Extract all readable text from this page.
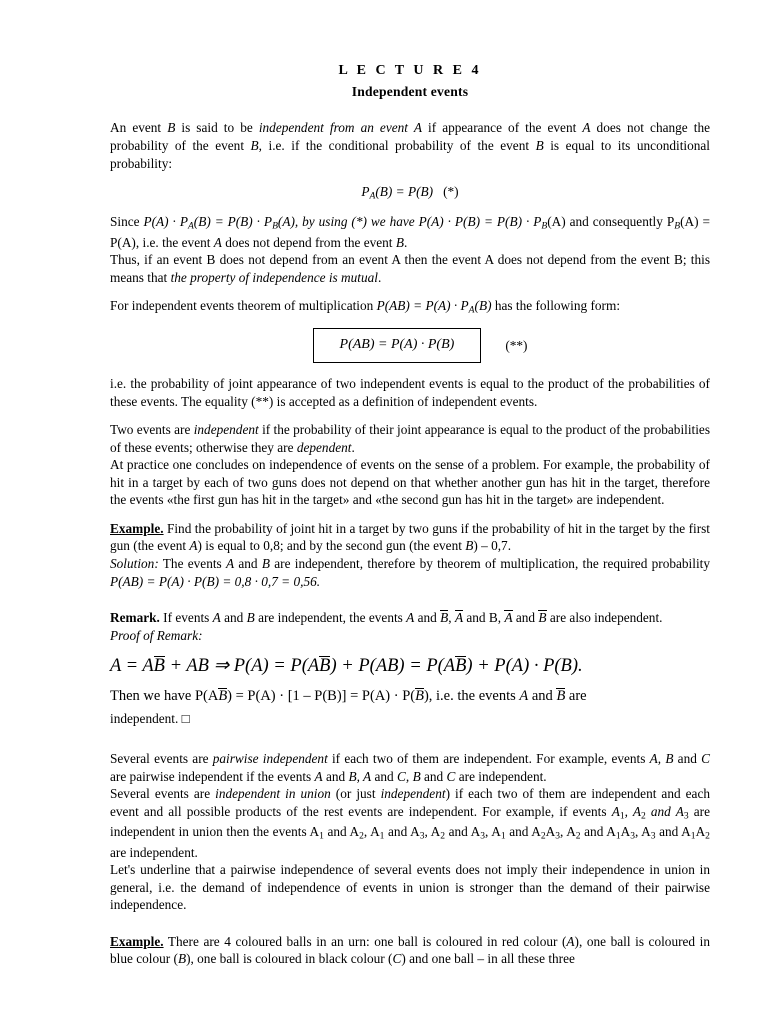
L E C T U R E 4
Independent events

An event B is said to be independent from an event A if appearance of the event A does not change the probability of the event B, i.e. if the conditional probability of the event B is equal to its unconditional probability:

$P_A(B) = P(B)$ (*)

Since $P(A) \cdot P_A(B) = P(B) \cdot P_B(A)$, by using (*) we have $P(A) \cdot P(B) = P(B) \cdot P_B(A)$ and consequently $P_B(A) = P(A)$, i.e. the event A does not depend from the event B.

Thus, if an event B does not depend from an event A then the event A does not depend from the event B; this means that the property of independence is mutual.

For independent events theorem of multiplication $P(AB) = P(A) \cdot P_A(B)$ has the following form:

P(AB) = P(A) · P(B)	(**)

i.e. the probability of joint appearance of two independent events is equal to the product of the probabilities of these events. The equality (**) is accepted as a definition of independent events.

Two events are independent if the probability of their joint appearance is equal to the product of the probabilities of these events; otherwise they are dependent.

At practice one concludes on independence of events on the sense of a problem. For example, the probability of hit in a target by each of two guns does not depend on that whether another gun has hit in the target, therefore the events «the first gun has hit in the target» and «the second gun has hit in the target» are independent.

Example. Find the probability of joint hit in a target by two guns if the probability of hit in the target by the first gun (the event A) is equal to 0,8; and by the second gun (the event B) – 0,7.

Solution: The events A and B are independent, therefore by theorem of multiplication, the required probability P(AB) = P(A) · P(B) = 0,8 · 0,7 = 0,56.

Remark. If events A and B are independent, the events A and B, A and B, A and B are also independent.

Proof of Remark:

A = AB + AB ⇒ P(A) = P(AB) + P(AB) = P(AB) + P(A) · P(B).

Then we have P(AB) = P(A) · [1 – P(B)] = P(A) · P(B), i.e. the events A and B are

independent. □

Several events are pairwise independent if each two of them are independent. For example, events A, B and C are pairwise independent if the events A and B, A and C, B and C are independent.

Several events are independent in union (or just independent) if each two of them are independent and each event and all possible products of the rest events are independent. For example, if events $A_1$, $A_2$ and $A_3$ are independent in union then the events $A_1$ and $A_2$, $A_1$ and $A_3$, $A_2$ and $A_3$, $A_1$ and $A_2A_3$, $A_2$ and $A_1A_3$, $A_3$ and $A_1A_2$ are independent.

Let's underline that a pairwise independence of several events does not imply their independence in union in general, i.e. the demand of independence of events in union is stronger than the demand of their pairwise independence.

Example. There are 4 coloured balls in an urn: one ball is coloured in red colour (A), one ball is coloured in blue colour (B), one ball is coloured in black colour (C) and one ball – in all these three
